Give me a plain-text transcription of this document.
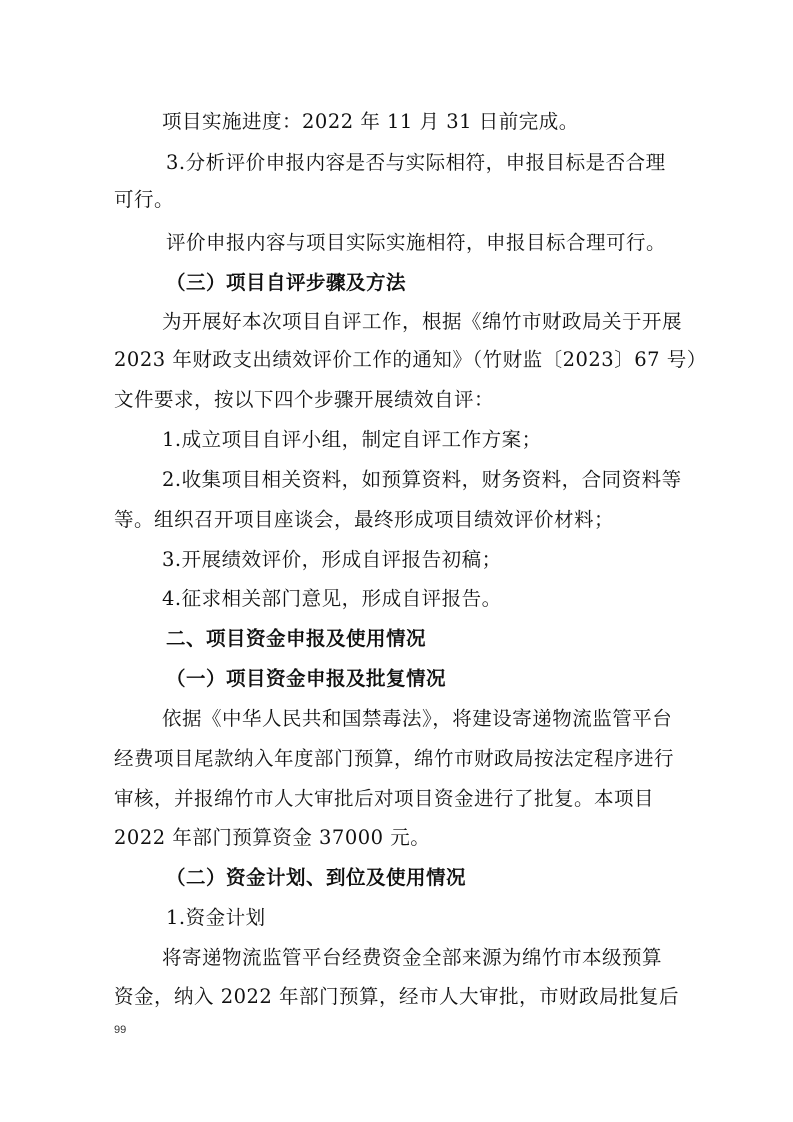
项目实施进度：2022 年 11 月 31 日前完成。
3.分析评价申报内容是否与实际相符，申报目标是否合理
可行。
评价申报内容与项目实际实施相符，申报目标合理可行。
（三）项目自评步骤及方法
为开展好本次项目自评工作，根据《绵竹市财政局关于开展
2023 年财政支出绩效评价工作的通知》（竹财监〔2023〕67 号）
文件要求，按以下四个步骤开展绩效自评：
1.成立项目自评小组，制定自评工作方案；
2.收集项目相关资料，如预算资料，财务资料，合同资料等
等。组织召开项目座谈会，最终形成项目绩效评价材料；
3.开展绩效评价，形成自评报告初稿；
4.征求相关部门意见，形成自评报告。
二、项目资金申报及使用情况
（一）项目资金申报及批复情况
依据《中华人民共和国禁毒法》，将建设寄递物流监管平台
经费项目尾款纳入年度部门预算，绵竹市财政局按法定程序进行
审核，并报绵竹市人大审批后对项目资金进行了批复。本项目
2022 年部门预算资金 37000 元。
（二）资金计划、到位及使用情况
1.资金计划
将寄递物流监管平台经费资金全部来源为绵竹市本级预算
资金，纳入 2022 年部门预算，经市人大审批，市财政局批复后
99
